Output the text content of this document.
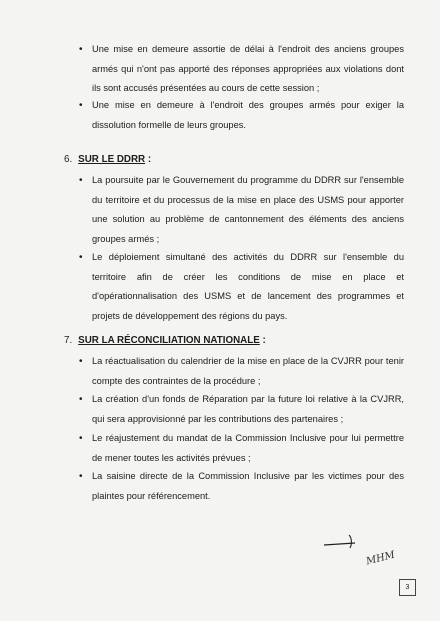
• Une mise en demeure assortie de délai à l'endroit des anciens groupes armés qui n'ont pas apporté des réponses appropriées aux violations dont ils sont accusés présentées au cours de cette session ;
• Une mise en demeure à l'endroit des groupes armés pour exiger la dissolution formelle de leurs groupes.
6. SUR LE DDRR :
• La poursuite par le Gouvernement du programme du DDRR sur l'ensemble du territoire et du processus de la mise en place des USMS pour apporter une solution au problème de cantonnement des éléments des anciens groupes armés ;
• Le déploiement simultané des activités du DDRR sur l'ensemble du territoire afin de créer les conditions de mise en place et d'opérationnalisation des USMS et de lancement des programmes et projets de développement des régions du pays.
7. SUR LA RÉCONCILIATION NATIONALE :
• La réactualisation du calendrier de la mise en place de la CVJRR pour tenir compte des contraintes de la procédure ;
• La création d'un fonds de Réparation par la future loi relative à la CVJRR, qui sera approvisionné par les contributions des partenaires ;
• Le réajustement du mandat de la Commission Inclusive pour lui permettre de mener toutes les activités prévues ;
• La saisine directe de la Commission Inclusive par les victimes pour des plaintes pour référencement.
MHM
3
